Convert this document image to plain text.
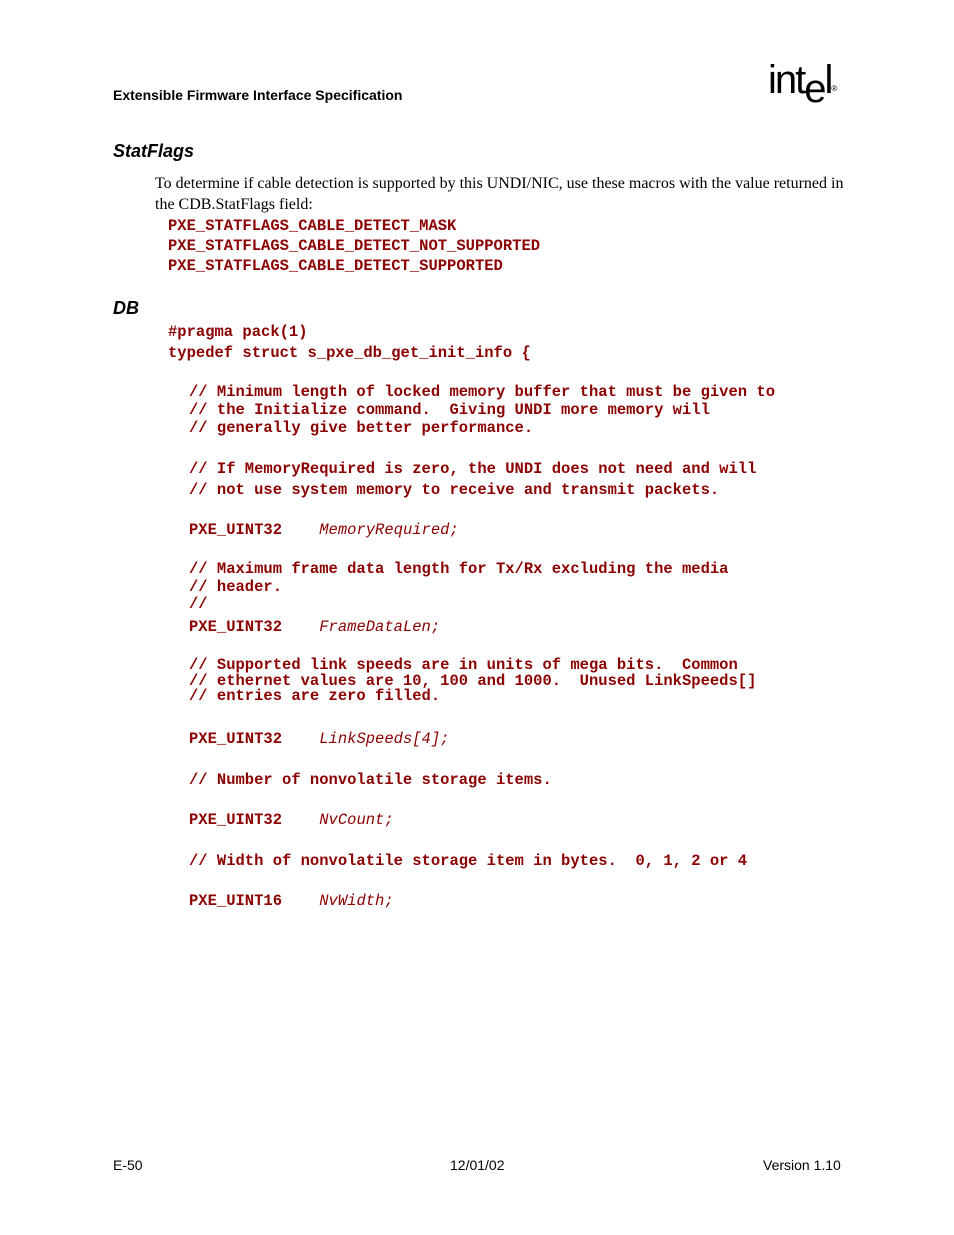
Extensible Firmware Interface Specification	intel®
StatFlags
To determine if cable detection is supported by this UNDI/NIC, use these macros with the value returned in the CDB.StatFlags field:
PXE_STATFLAGS_CABLE_DETECT_MASK
PXE_STATFLAGS_CABLE_DETECT_NOT_SUPPORTED
PXE_STATFLAGS_CABLE_DETECT_SUPPORTED
DB
#pragma pack(1)
typedef struct s_pxe_db_get_init_info {
// Minimum length of locked memory buffer that must be given to
// the Initialize command.  Giving UNDI more memory will
// generally give better performance.
// If MemoryRequired is zero, the UNDI does not need and will
// not use system memory to receive and transmit packets.
PXE_UINT32 MemoryRequired;
// Maximum frame data length for Tx/Rx excluding the media
// header.
//
PXE_UINT32 FrameDataLen;
// Supported link speeds are in units of mega bits.  Common
// ethernet values are 10, 100 and 1000.  Unused LinkSpeeds[]
// entries are zero filled.
PXE_UINT32 LinkSpeeds[4];
// Number of nonvolatile storage items.
PXE_UINT32 NvCount;
// Width of nonvolatile storage item in bytes.  0, 1, 2 or 4
PXE_UINT16 NvWidth;
E-50	12/01/02	Version 1.10
